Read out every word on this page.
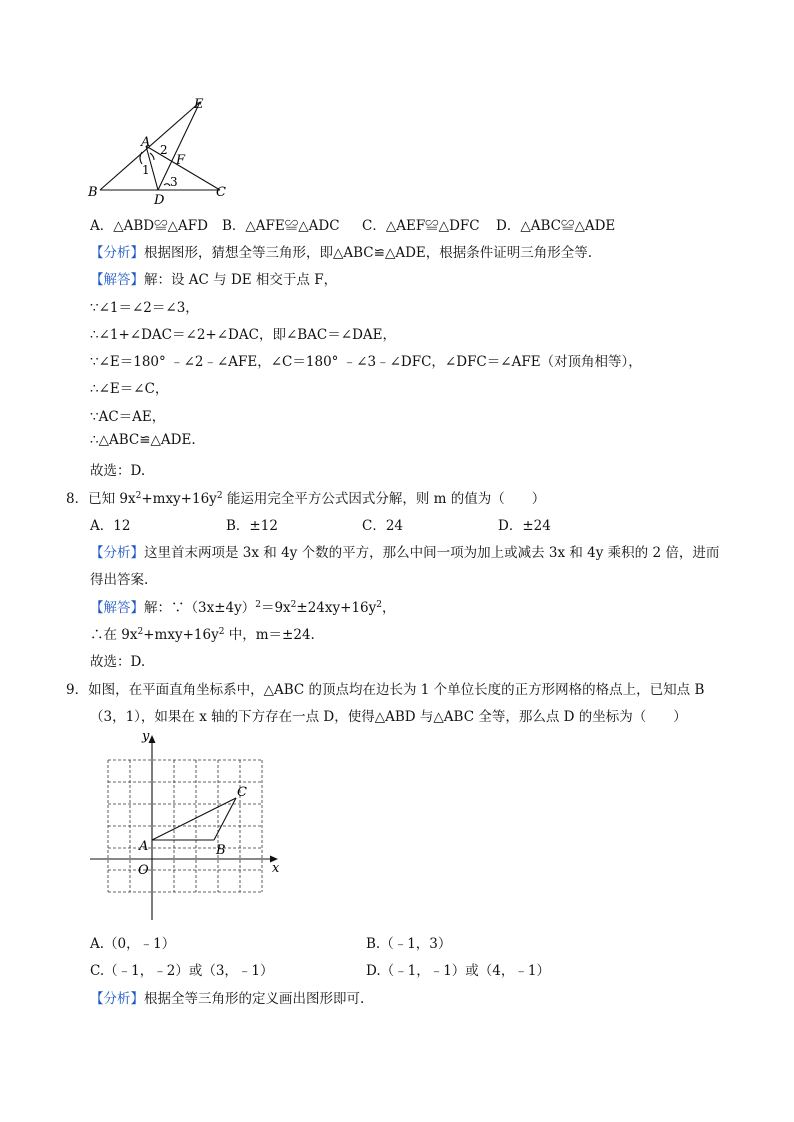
E
A
F
B
D
C
1
2
3
A．△ABD≌△AFD B．△AFE≌△ADC C．△AEF≌△DFC D．△ABC≌△ADE
【分析】根据图形，猜想全等三角形，即△ABC≌△ADE，根据条件证明三角形全等.
【解答】解：设 AC 与 DE 相交于点 F，
∵∠1＝∠2＝∠3，
∴∠1+∠DAC＝∠2+∠DAC，即∠BAC＝∠DAE，
∵∠E＝180° ﹣∠2﹣∠AFE，∠C＝180° ﹣∠3﹣∠DFC，∠DFC＝∠AFE（对顶角相等），
∴∠E＝∠C，
∵AC＝AE，
∴△ABC≌△ADE.
故选：D.
8．已知 $9x^2+mxy+16y^2$ 能运用完全平方公式因式分解，则 m 的值为（　　）
A．12	B．±12	C．24	D．±24
【分析】这里首末两项是 3x 和 4y 个数的平方，那么中间一项为加上或减去 3x 和 4y 乘积的 2 倍，进而
得出答案.
【解答】解：$\because(3x\pm 4y)^2=9x^2\pm 24xy+16y^2$，
∴在 $9x^2+mxy+16y^2$ 中，m＝±24.
故选：D.
9．如图，在平面直角坐标系中，△ABC 的顶点均在边长为 1 个单位长度的正方形网格的格点上，已知点 B
（3，1），如果在 x 轴的下方存在一点 D，使得△ABD 与△ABC 全等，那么点 D 的坐标为（　　）
y
x
O
A	B
C
A.（0，﹣1）	B.（﹣1，3）
C.（﹣1，﹣2）或（3，﹣1）	D.（﹣1，﹣1）或（4，﹣1）
【分析】根据全等三角形的定义画出图形即可.
